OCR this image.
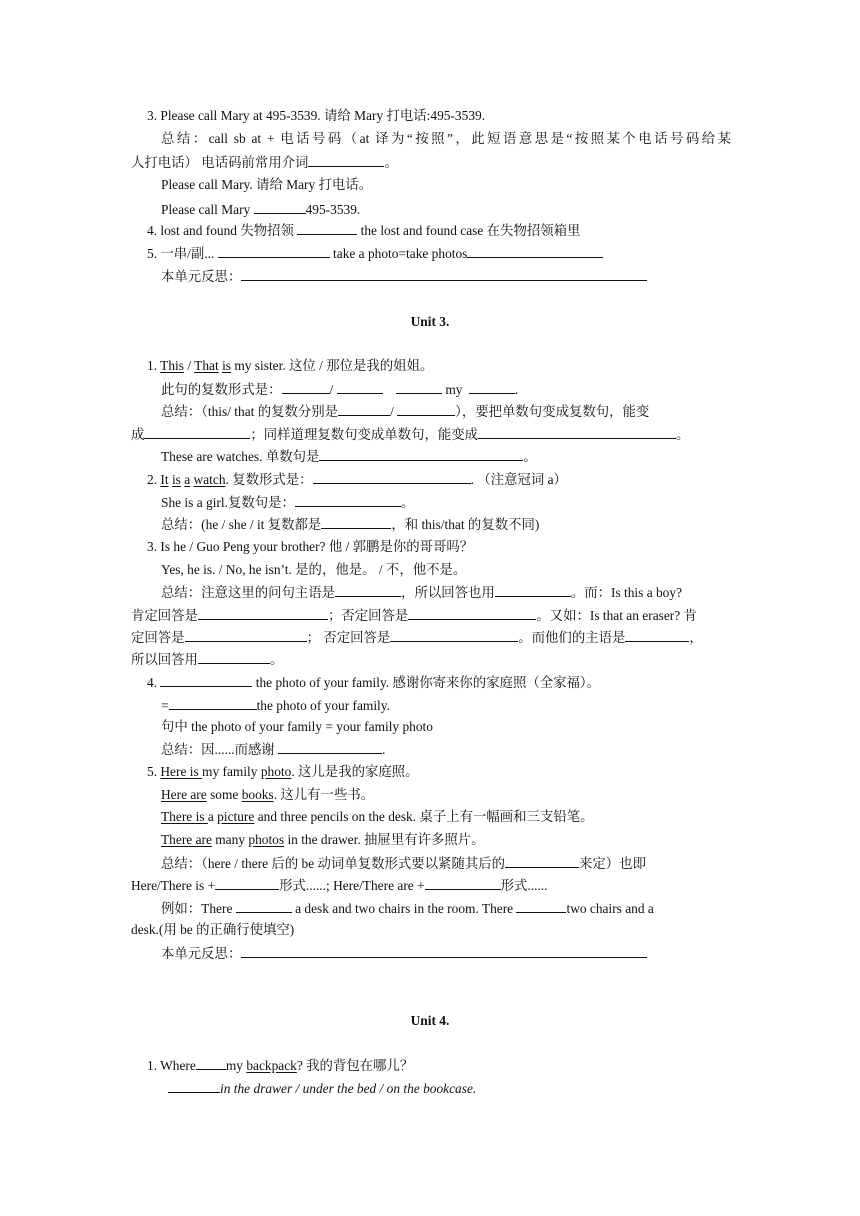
3. Please call Mary at 495-3539. 请给 Mary 打电话:495-3539.
总结：call sb at + 电话号码（at 译为“按照”，此短语意思是“按照某个电话号码给某
人打电话） 电话码前常用介词	。
Please call Mary. 请给 Mary 打电话。
Please call Mary	495-3539.
4. lost and found 失物招领	the lost and found case 在失物招领箱里
5. 一串/副...	take a photo=take photos
本单元反思：
Unit 3.
1. This / That is my sister. 这位 / 那位是我的姐姐。
此句的复数形式是：	/	my	.
总结：（this/ that 的复数分别是	/	），要把单数句变成复数句，能变
成	；同样道理复数句变成单数句，能变成	。
These are watches. 单数句是	。
2. It is a watch. 复数形式是：	. （注意冠词 a）
She is a girl.复数句是：	。
总结：(he / she / it 复数都是	，和 this/that 的复数不同)
3. Is he / Guo Peng your brother? 他 / 郭鹏是你的哥哥吗？
Yes, he is. / No, he isn’t. 是的，他是。 / 不，他不是。
总结：注意这里的问句主语是	，所以回答也用	。而：Is this a boy?
肯定回答是	；否定回答是	。又如：Is that an eraser? 肯
定回答是	； 否定回答是	。而他们的主语是	，
所以回答用	。
4.	the photo of your family. 感谢你寄来你的家庭照（全家福）。
=	the photo of your family.
句中 the photo of your family = your family photo
总结：因......而感谢	.
5. Here is my family photo. 这儿是我的家庭照。
Here are some books. 这儿有一些书。
There is a picture and three pencils on the desk. 桌子上有一幅画和三支铅笔。
There are many photos in the drawer. 抽屉里有许多照片。
总结：（here / there 后的 be 动词单复数形式要以紧随其后的	来定）也即
Here/There is +	形式......; Here/There are +	形式......
例如：There	a desk and two chairs in the room. There	two chairs and a
desk.(用 be 的正确行使填空)
本单元反思：
Unit 4.
1. Where my backpack? 我的背包在哪儿？
in the drawer / under the bed / on the bookcase.
